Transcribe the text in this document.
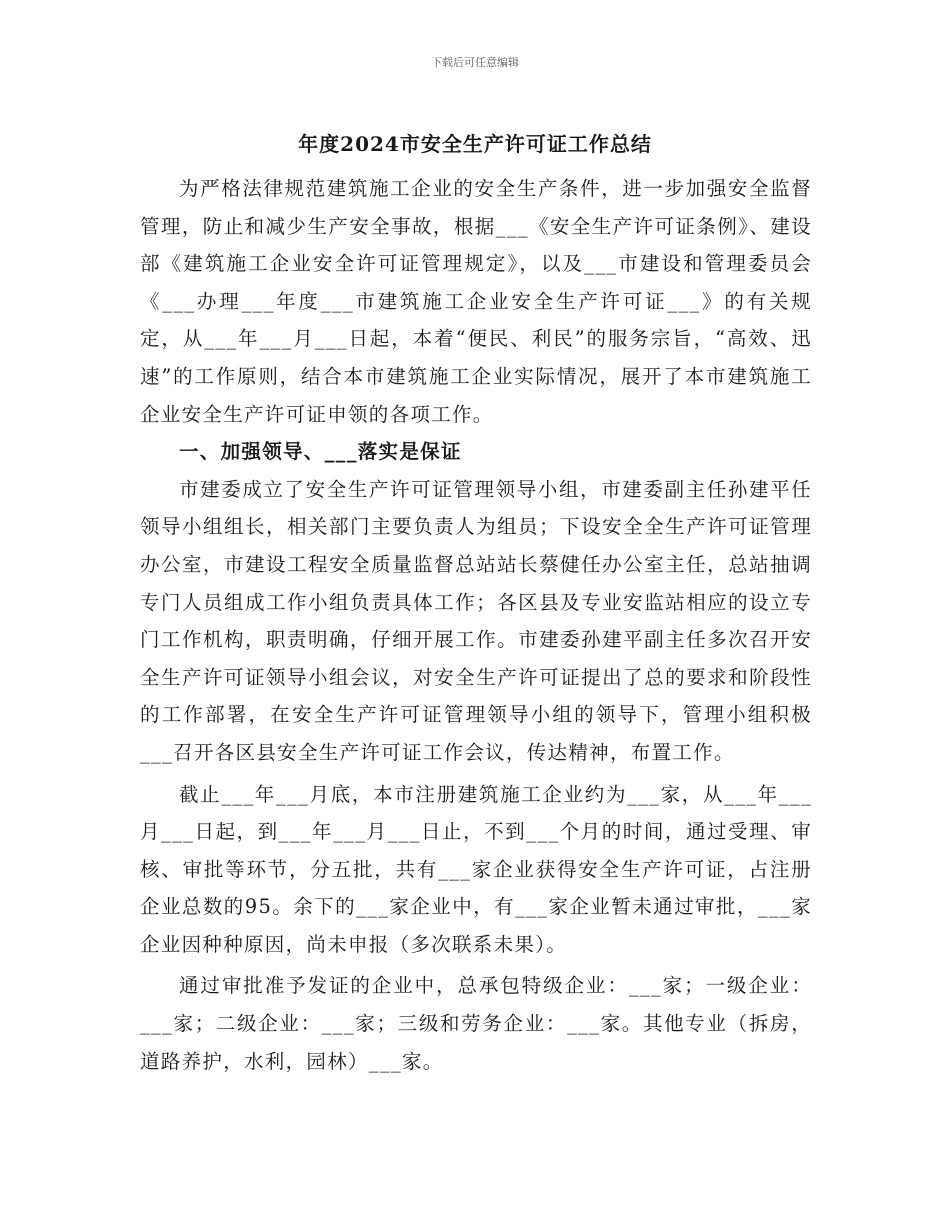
下载后可任意编辑
年度2024市安全生产许可证工作总结

为严格法律规范建筑施工企业的安全生产条件，进一步加强安全监督管理，防止和减少生产安全事故，根据___《安全生产许可证条例》、建设部《建筑施工企业安全许可证管理规定》，以及___市建设和管理委员会《___办理___年度___市建筑施工企业安全生产许可证___》的有关规定，从___年___月___日起，本着“便民、利民”的服务宗旨，“高效、迅速”的工作原则，结合本市建筑施工企业实际情况，展开了本市建筑施工企业安全生产许可证申领的各项工作。

一、加强领导、___落实是保证

市建委成立了安全生产许可证管理领导小组，市建委副主任孙建平任领导小组组长，相关部门主要负责人为组员；下设安全全生产许可证管理办公室，市建设工程安全质量监督总站站长蔡健任办公室主任，总站抽调专门人员组成工作小组负责具体工作；各区县及专业安监站相应的设立专门工作机构，职责明确，仔细开展工作。市建委孙建平副主任多次召开安全生产许可证领导小组会议，对安全生产许可证提出了总的要求和阶段性的工作部署，在安全生产许可证管理领导小组的领导下，管理小组积极___召开各区县安全生产许可证工作会议，传达精神，布置工作。

截止___年___月底，本市注册建筑施工企业约为___家，从___年___月___日起，到___年___月___日止，不到___个月的时间，通过受理、审核、审批等环节，分五批，共有___家企业获得安全生产许可证，占注册企业总数的95。余下的___家企业中，有___家企业暂未通过审批，___家企业因种种原因，尚未申报（多次联系未果）。

通过审批准予发证的企业中，总承包特级企业：___家；一级企业：___家；二级企业：___家；三级和劳务企业：___家。其他专业（拆房，道路养护，水利，园林）___家。
